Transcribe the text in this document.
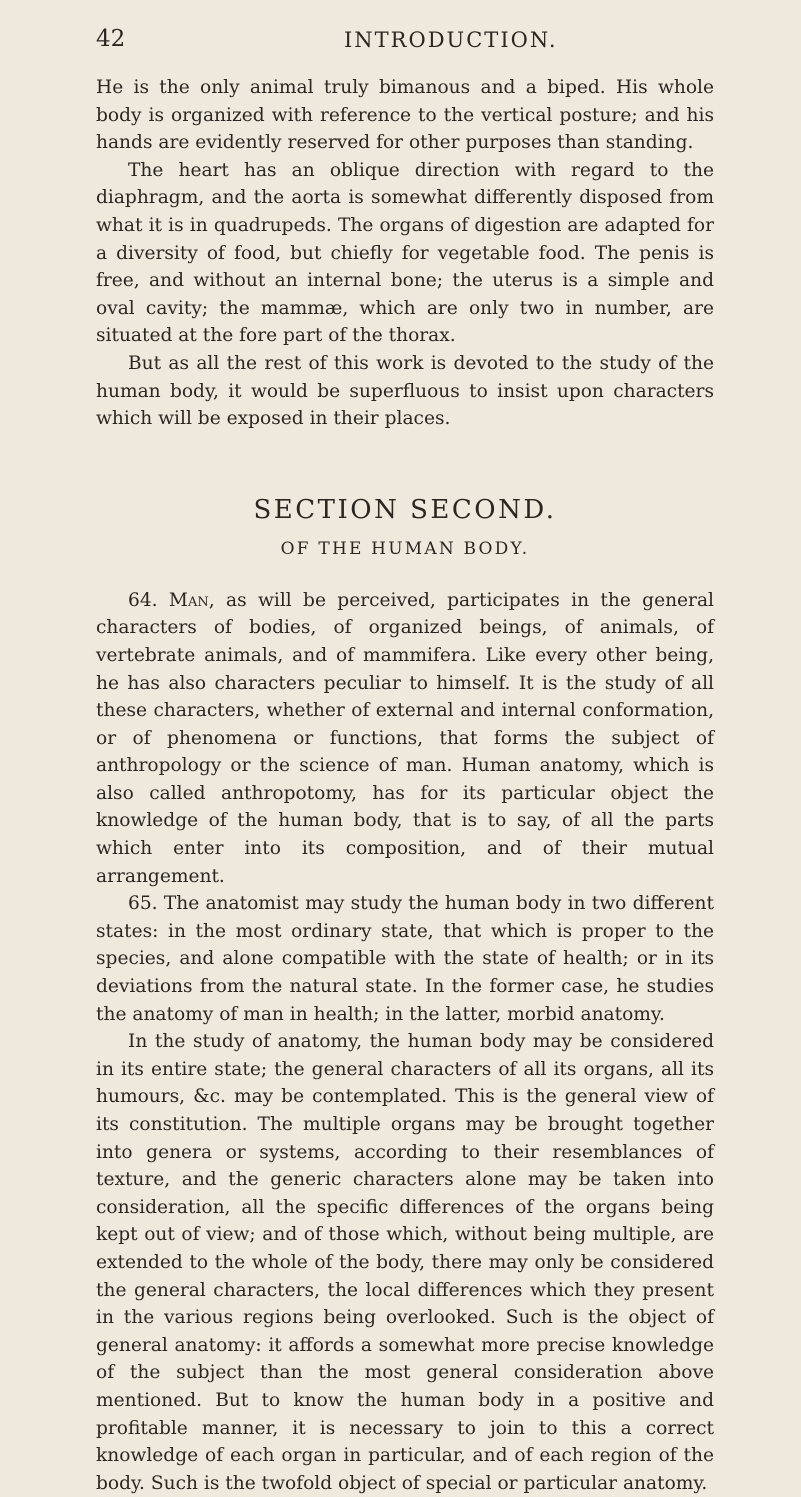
42	INTRODUCTION.

He is the only animal truly bimanous and a biped. His whole body is organized with reference to the vertical posture; and his hands are evidently reserved for other purposes than standing.

The heart has an oblique direction with regard to the diaphragm, and the aorta is somewhat differently disposed from what it is in quadrupeds. The organs of digestion are adapted for a diversity of food, but chiefly for vegetable food. The penis is free, and without an internal bone; the uterus is a simple and oval cavity; the mammæ, which are only two in number, are situated at the fore part of the thorax.

But as all the rest of this work is devoted to the study of the human body, it would be superfluous to insist upon characters which will be exposed in their places.

SECTION SECOND.
OF THE HUMAN BODY.

64. Man, as will be perceived, participates in the general characters of bodies, of organized beings, of animals, of vertebrate animals, and of mammifera. Like every other being, he has also characters peculiar to himself. It is the study of all these characters, whether of external and internal conformation, or of phenomena or functions, that forms the subject of anthropology or the science of man. Human anatomy, which is also called anthropotomy, has for its particular object the knowledge of the human body, that is to say, of all the parts which enter into its composition, and of their mutual arrangement.

65. The anatomist may study the human body in two different states: in the most ordinary state, that which is proper to the species, and alone compatible with the state of health; or in its deviations from the natural state. In the former case, he studies the anatomy of man in health; in the latter, morbid anatomy.

In the study of anatomy, the human body may be considered in its entire state; the general characters of all its organs, all its humours, &c. may be contemplated. This is the general view of its constitution. The multiple organs may be brought together into genera or systems, according to their resemblances of texture, and the generic characters alone may be taken into consideration, all the specific differences of the organs being kept out of view; and of those which, without being multiple, are extended to the whole of the body, there may only be considered the general characters, the local differences which they present in the various regions being overlooked. Such is the object of general anatomy: it affords a somewhat more precise knowledge of the subject than the most general consideration above mentioned. But to know the human body in a positive and profitable manner, it is necessary to join to this a correct knowledge of each organ in particular, and of each region of the body. Such is the twofold object of special or particular anatomy.
